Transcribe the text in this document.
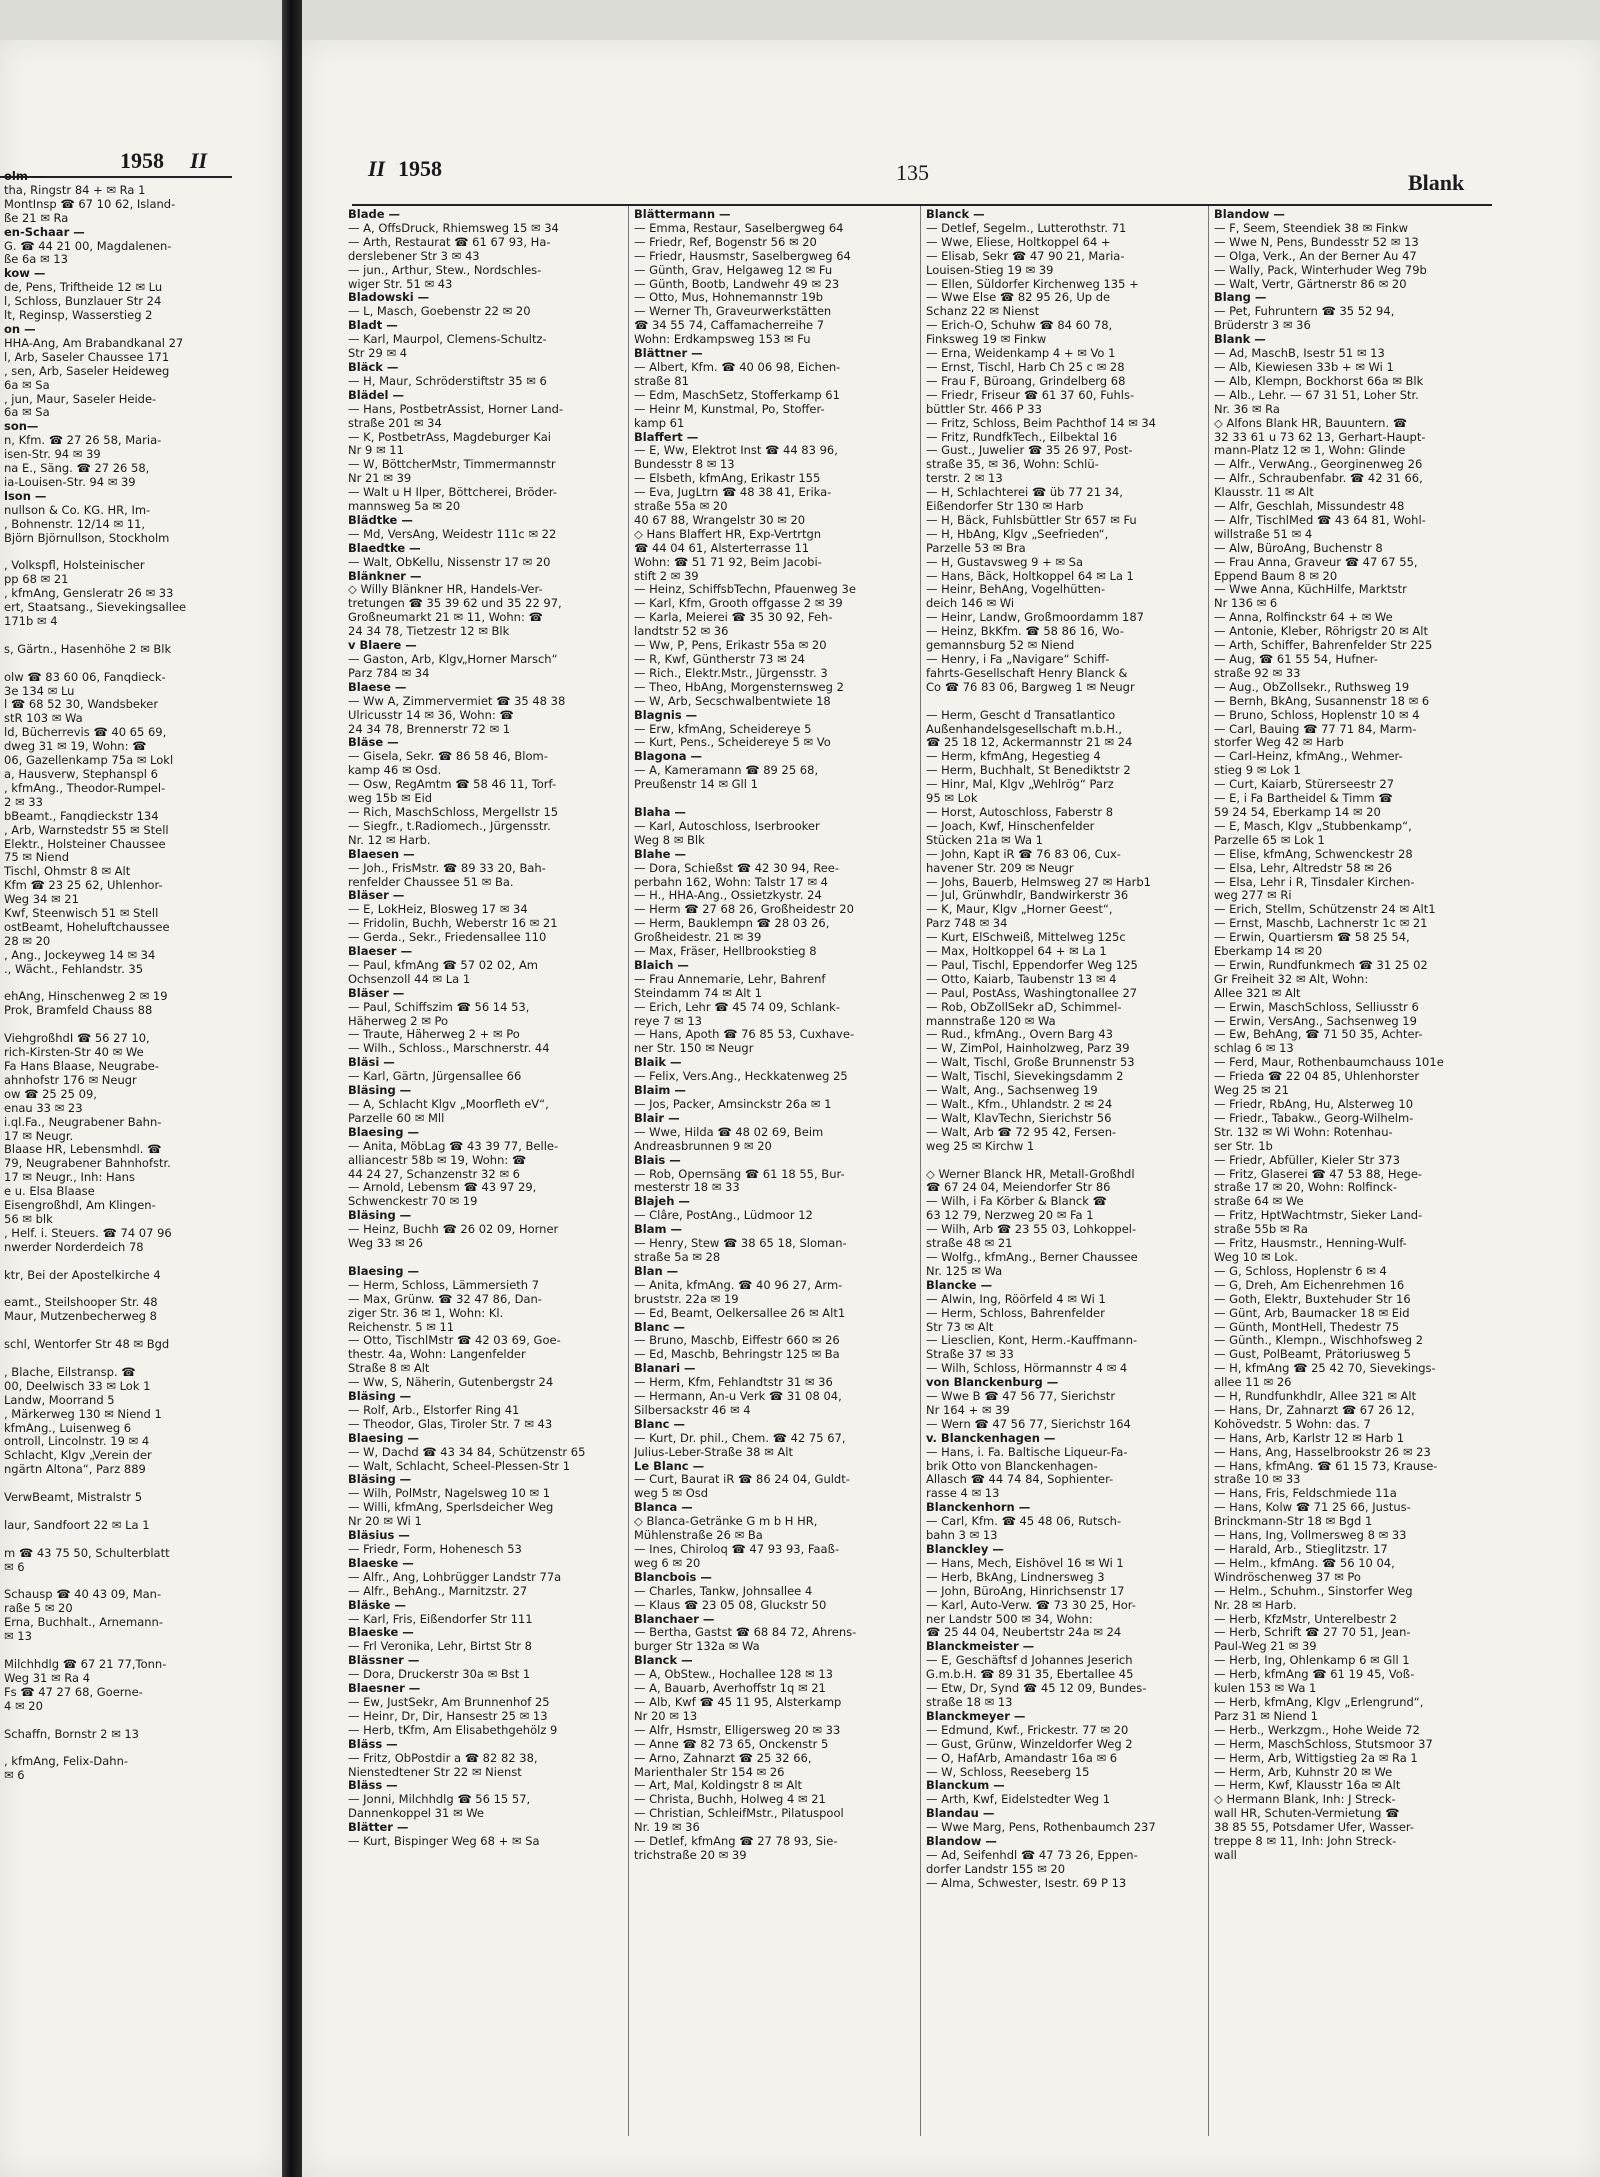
1958 II	II 1958	135	Blank
olm —
tha, Ringstr 84 + ✉ Ra 1
MontInsp ☎ 67 10 62, Island-
ße 21 ✉ Ra
en-Schaar —
G. ☎ 44 21 00, Magdalenen-
ße 6a ✉ 13
kow —
de, Pens, Triftheide 12 ✉ Lu
l, Schloss, Bunzlauer Str 24
lt, Reginsp, Wasserstieg 2
on —
HHA-Ang, Am Brabandkanal 27
l, Arb, Saseler Chaussee 171
, sen, Arb, Saseler Heideweg
6a ✉ Sa
, jun, Maur, Saseler Heide-
6a ✉ Sa
son—
n, Kfm. ☎ 27 26 58, Maria-
isen-Str. 94 ✉ 39
na E., Säng. ☎ 27 26 58,
ia-Louisen-Str. 94 ✉ 39
lson —
nullson & Co. KG. HR, Im-
, Bohnenstr. 12/14 ✉ 11,
Björn Björnullson, Stockholm

, Volkspfl, Holsteinischer
pp 68 ✉ 21
, kfmAng, Gensleratr 26 ✉ 33
ert, Staatsang., Sievekingsallee
171b ✉ 4

s, Gärtn., Hasenhöhe 2 ✉ Blk

olw ☎ 83 60 06, Fanqdieck-
3e 134 ✉ Lu
l ☎ 68 52 30, Wandsbeker
stR 103 ✉ Wa
ld, Bücherrevis ☎ 40 65 69,
dweg 31 ✉ 19, Wohn: ☎
06, Gazellenkamp 75a ✉ Lokl
a, Hausverw, Stephanspl 6
, kfmAng., Theodor-Rumpel-
2 ✉ 33
bBeamt., Fanqdieckstr 134
, Arb, Warnstedstr 55 ✉ Stell
Elektr., Holsteiner Chaussee
75 ✉ Niend
Tischl, Ohmstr 8 ✉ Alt
Kfm ☎ 23 25 62, Uhlenhor-
Weg 34 ✉ 21
Kwf, Steenwisch 51 ✉ Stell
ostBeamt, Hoheluftchaussee
28 ✉ 20
, Ang., Jockeyweg 14 ✉ 34
., Wächt., Fehlandstr. 35

ehAng, Hinschenweg 2 ✉ 19
Prok, Bramfeld Chauss 88

ViehgroßhdI ☎ 56 27 10,
rich-Kirsten-Str 40 ✉ We
Fa Hans Blaase, Neugrabe-
ahnhofstr 176 ✉ Neugr
ow ☎ 25 25 09,
enau 33 ✉ 23
i.ql.Fa., Neugrabener Bahn-
17 ✉ Neugr.
Blaase HR, Lebensmhdl. ☎
79, Neugrabener Bahnhofstr.
17 ✉ Neugr., Inh: Hans
e u. Elsa Blaase
Eisengroßhdl, Am Klingen-
56 ✉ blk
, Helf. i. Steuers. ☎ 74 07 96
nwerder Norderdeich 78

ktr, Bei der Apostelkirche 4

eamt., Steilshooper Str. 48
Maur, Mutzenbecherweg 8

schl, Wentorfer Str 48 ✉ Bgd

, Blache, Eilstransp. ☎
00, Deelwisch 33 ✉ Lok 1
Landw, Moorrand 5
, Märkerweg 130 ✉ Niend 1
kfmAng., Luisenweg 6
ontroll, Lincolnstr. 19 ✉ 4
Schlacht, Klgv „Verein der
ngärtn Altona“, Parz 889

VerwBeamt, Mistralstr 5

laur, Sandfoort 22 ✉ La 1

m ☎ 43 75 50, Schulterblatt
✉ 6

Schausp ☎ 40 43 09, Man-
raße 5 ✉ 20
Erna, Buchhalt., Arnemann-
✉ 13

Milchhdlg ☎ 67 21 77,Tonn-
Weg 31 ✉ Ra 4
Fs ☎ 47 27 68, Goerne-
4 ✉ 20

Schaffn, Bornstr 2 ✉ 13

, kfmAng, Felix-Dahn-
✉ 6
Blade —
— A, OffsDruck, Rhiemsweg 15 ✉ 34
— Arth, Restaurat ☎ 61 67 93, Ha-
derslebener Str 3 ✉ 43
— jun., Arthur, Stew., Nordschles-
wiger Str. 51 ✉ 43
Bladowski —
— L, Masch, Goebenstr 22 ✉ 20
Bladt —
— Karl, Maurpol, Clemens-Schultz-
Str 29 ✉ 4
Bläck —
— H, Maur, Schröderstiftstr 35 ✉ 6
Blädel —
— Hans, PostbetrAssist, Horner Land-
straße 201 ✉ 34
— K, PostbetrAss, Magdeburger Kai
Nr 9 ✉ 11
— W, BöttcherMstr, Timmermannstr
Nr 21 ✉ 39
— Walt u H Ilper, Böttcherei, Bröder-
mannsweg 5a ✉ 20
Blädtke —
— Md, VersAng, Weidestr 111c ✉ 22
Blaedtke —
— Walt, ObKellu, Nissenstr 17 ✉ 20
Blänkner —
◇ Willy Blänkner HR, Handels-Ver-
tretungen ☎ 35 39 62 und 35 22 97,
Großneumarkt 21 ✉ 11, Wohn: ☎
24 34 78, Tietzestr 12 ✉ Blk
v Blaere —
— Gaston, Arb, Klgv„Horner Marsch“
Parz 784 ✉ 34
Blaese —
— Ww A, Zimmervermiet ☎ 35 48 38
Ulricusstr 14 ✉ 36, Wohn: ☎
24 34 78, Brennerstr 72 ✉ 1
Bläse —
— Gisela, Sekr. ☎ 86 58 46, Blom-
kamp 46 ✉ Osd.
— Osw, RegAmtm ☎ 58 46 11, Torf-
weg 15b ✉ Eid
— Rich, MaschSchloss, Mergellstr 15
— Siegfr., t.Radiomech., Jürgensstr.
Nr. 12 ✉ Harb.
Blaesen —
— Joh., FrisMstr. ☎ 89 33 20, Bah-
renfelder Chaussee 51 ✉ Ba.
Bläser —
— E, LokHeiz, Blosweg 17 ✉ 34
— Fridolin, Buchh, Weberstr 16 ✉ 21
— Gerda., Sekr., Friedensallee 110
Blaeser —
— Paul, kfmAng ☎ 57 02 02, Am
Ochsenzoll 44 ✉ La 1
Bläser —
— Paul, Schiffszim ☎ 56 14 53,
Häherweg 2 ✉ Po
— Traute, Häherweg 2 + ✉ Po
— Wilh., Schloss., Marschnerstr. 44
Bläsi —
— Karl, Gärtn, Jürgensallee 66
Bläsing —
— A, Schlacht Klgv „Moorfleth eV“,
Parzelle 60 ✉ Mll
Blaesing —
— Anita, MöbLag ☎ 43 39 77, Belle-
alliancestr 58b ✉ 19, Wohn: ☎
44 24 27, Schanzenstr 32 ✉ 6
— Arnold, Lebensm ☎ 43 97 29,
Schwenckestr 70 ✉ 19
Bläsing —
— Heinz, Buchh ☎ 26 02 09, Horner
Weg 33 ✉ 26

Blaesing —
— Herm, Schloss, Lämmersieth 7
— Max, Grünw. ☎ 32 47 86, Dan-
ziger Str. 36 ✉ 1, Wohn: Kl.
Reichenstr. 5 ✉ 11
— Otto, TischlMstr ☎ 42 03 69, Goe-
thestr. 4a, Wohn: Langenfelder
Straße 8 ✉ Alt
— Ww, S, Näherin, Gutenbergstr 24
Bläsing —
— Rolf, Arb., Elstorfer Ring 41
— Theodor, Glas, Tiroler Str. 7 ✉ 43
Blaesing —
— W, Dachd ☎ 43 34 84, Schützenstr 65
— Walt, Schlacht, Scheel-Plessen-Str 1
Bläsing —
— Wilh, PolMstr, Nagelsweg 10 ✉ 1
— Willi, kfmAng, Sperlsdeicher Weg
Nr 20 ✉ Wi 1
Bläsius —
— Friedr, Form, Hohenesch 53
Blaeske —
— Alfr., Ang, Lohbrügger Landstr 77a
— Alfr., BehAng., Marnitzstr. 27
Bläske —
— Karl, Fris, Eißendorfer Str 111
Blaeske —
— Frl Veronika, Lehr, Birtst Str 8
Blässner —
— Dora, Druckerstr 30a ✉ Bst 1
Blaesner —
— Ew, JustSekr, Am Brunnenhof 25
— Heinr, Dr, Dir, Hansestr 25 ✉ 13
— Herb, tKfm, Am Elisabethgehölz 9
Bläss —
— Fritz, ObPostdir a ☎ 82 82 38,
Nienstedtener Str 22 ✉ Nienst
Bläss —
— Jonni, Milchhdlg ☎ 56 15 57,
Dannenkoppel 31 ✉ We
Blätter —
— Kurt, Bispinger Weg 68 + ✉ Sa
Blättermann —
— Emma, Restaur, Saselbergweg 64
— Friedr, Ref, Bogenstr 56 ✉ 20
— Friedr, Hausmstr, Saselbergweg 64
— Günth, Grav, Helgaweg 12 ✉ Fu
— Günth, Bootb, Landwehr 49 ✉ 23
— Otto, Mus, Hohnemannstr 19b
— Werner Th, Graveurwerkstätten
☎ 34 55 74, Caffamacherreihe 7
Wohn: Erdkampsweg 153 ✉ Fu
Blättner —
— Albert, Kfm. ☎ 40 06 98, Eichen-
straße 81
— Edm, MaschSetz, Stofferkamp 61
— Heinr M, Kunstmal, Po, Stoffer-
kamp 61
Blaffert —
— E, Ww, Elektrot Inst ☎ 44 83 96,
Bundesstr 8 ✉ 13
— Elsbeth, kfmAng, Erikastr 155
— Eva, JugLtrn ☎ 48 38 41, Erika-
straße 55a ✉ 20
40 67 88, Wrangelstr 30 ✉ 20
◇ Hans Blaffert HR, Exp-Vertrtgn
☎ 44 04 61, Alsterterrasse 11
Wohn: ☎ 51 71 92, Beim Jacobi-
stift 2 ✉ 39
— Heinz, SchiffsbTechn, Pfauenweg 3e
— Karl, Kfm, Grooth offgasse 2 ✉ 39
— Karla, Meierei ☎ 35 30 92, Feh-
landtstr 52 ✉ 36
— Ww, P, Pens, Erikastr 55a ✉ 20
— R, Kwf, Güntherstr 73 ✉ 24
— Rich., Elektr.Mstr., Jürgensstr. 3
— Theo, HbAng, Morgensternsweg 2
— W, Arb, Secschwalbentwiete 18
Blagnis —
— Erw, kfmAng, Scheidereye 5
— Kurt, Pens., Scheidereye 5 ✉ Vo
Blagona —
— A, Kameramann ☎ 89 25 68,
Preußenstr 14 ✉ Gll 1

Blaha —
— Karl, Autoschloss, Iserbrooker
Weg 8 ✉ Blk
Blahe —
— Dora, Schießst ☎ 42 30 94, Ree-
perbahn 162, Wohn: Talstr 17 ✉ 4
— H., HHA-Ang., Ossietzkystr. 24
— Herm ☎ 27 68 26, Großheidestr 20
— Herm, Bauklempn ☎ 28 03 26,
Großheidestr. 21 ✉ 39
— Max, Fräser, Hellbrookstieg 8
Blaich —
— Frau Annemarie, Lehr, Bahrenf
Steindamm 74 ✉ Alt 1
— Erich, Lehr ☎ 45 74 09, Schlank-
reye 7 ✉ 13
— Hans, Apoth ☎ 76 85 53, Cuxhave-
ner Str. 150 ✉ Neugr
Blaik —
— Felix, Vers.Ang., Heckkatenweg 25
Blaim —
— Jos, Packer, Amsinckstr 26a ✉ 1
Blair —
— Wwe, Hilda ☎ 48 02 69, Beim
Andreasbrunnen 9 ✉ 20
Blais —
— Rob, Opernsäng ☎ 61 18 55, Bur-
mesterstr 18 ✉ 33
Blajeh —
— Clâre, PostAng., Lüdmoor 12
Blam —
— Henry, Stew ☎ 38 65 18, Sloman-
straße 5a ✉ 28
Blan —
— Anita, kfmAng. ☎ 40 96 27, Arm-
bruststr. 22a ✉ 19
— Ed, Beamt, Oelkersallee 26 ✉ Alt1
Blanc —
— Bruno, Maschb, Eiffestr 660 ✉ 26
— Ed, Maschb, Behringstr 125 ✉ Ba
Blanari —
— Herm, Kfm, Fehlandtstr 31 ✉ 36
— Hermann, An-u Verk ☎ 31 08 04,
Silbersackstr 46 ✉ 4
Blanc —
— Kurt, Dr. phil., Chem. ☎ 42 75 67,
Julius-Leber-Straße 38 ✉ Alt
Le Blanc —
— Curt, Baurat iR ☎ 86 24 04, Guldt-
weg 5 ✉ Osd
Blanca —
◇ Blanca-Getränke G m b H HR,
Mühlenstraße 26 ✉ Ba
— Ines, Chiroloq ☎ 47 93 93, Faaß-
weg 6 ✉ 20
Blancbois —
— Charles, Tankw, Johnsallee 4
— Klaus ☎ 23 05 08, Gluckstr 50
Blanchaer —
— Bertha, Gastst ☎ 68 84 72, Ahrens-
burger Str 132a ✉ Wa
Blanck —
— A, ObStew., Hochallee 128 ✉ 13
— A, Bauarb, Averhoffstr 1q ✉ 21
— Alb, Kwf ☎ 45 11 95, Alsterkamp
Nr 20 ✉ 13
— Alfr, Hsmstr, Elligersweg 20 ✉ 33
— Anne ☎ 82 73 65, Onckenstr 5
— Arno, Zahnarzt ☎ 25 32 66,
Marienthaler Str 154 ✉ 26
— Art, Mal, Koldingstr 8 ✉ Alt
— Christa, Buchh, Holweg 4 ✉ 21
— Christian, SchleifMstr., Pilatuspool
Nr. 19 ✉ 36
— Detlef, kfmAng ☎ 27 78 93, Sie-
trichstraße 20 ✉ 39
Blanck —
— Detlef, Segelm., Lutterothstr. 71
— Wwe, Eliese, Holtkoppel 64 +
— Elisab, Sekr ☎ 47 90 21, Maria-
Louisen-Stieg 19 ✉ 39
— Ellen, Süldorfer Kirchenweg 135 +
— Wwe Else ☎ 82 95 26, Up de
Schanz 22 ✉ Nienst
— Erich-O, Schuhw ☎ 84 60 78,
Finksweg 19 ✉ Finkw
— Erna, Weidenkamp 4 + ✉ Vo 1
— Ernst, Tischl, Harb Ch 25 c ✉ 28
— Frau F, Büroang, Grindelberg 68
— Friedr, Friseur ☎ 61 37 60, Fuhls-
büttler Str. 466 P 33
— Fritz, Schloss, Beim Pachthof 14 ✉ 34
— Fritz, RundfkTech., Eilbektal 16
— Gust., Juwelier ☎ 35 26 97, Post-
straße 35, ✉ 36, Wohn: Schlü-
terstr. 2 ✉ 13
— H, Schlachterei ☎ üb 77 21 34,
Eißendorfer Str 130 ✉ Harb
— H, Bäck, Fuhlsbüttler Str 657 ✉ Fu
— H, HbAng, Klgv „Seefrieden“,
Parzelle 53 ✉ Bra
— H, Gustavsweg 9 + ✉ Sa
— Hans, Bäck, Holtkoppel 64 ✉ La 1
— Heinr, BehAng, Vogelhütten-
deich 146 ✉ Wi
— Heinr, Landw, Großmoordamm 187
— Heinz, BkKfm. ☎ 58 86 16, Wo-
gemannsburg 52 ✉ Niend
— Henry, i Fa „Navigare“ Schiff-
fahrts-Gesellschaft Henry Blanck &
Co ☎ 76 83 06, Bargweg 1 ✉ Neugr

— Herm, Gescht d Transatlantico
Außenhandelsgesellschaft m.b.H.,
☎ 25 18 12, Ackermannstr 21 ✉ 24
— Herm, kfmAng, Hegestieg 4
— Herm, Buchhalt, St Benediktstr 2
— Hinr, Mal, Klgv „Wehlrög“ Parz
95 ✉ Lok
— Horst, Autoschloss, Faberstr 8
— Joach, Kwf, Hinschenfelder
Stücken 21a ✉ Wa 1
— John, Kapt iR ☎ 76 83 06, Cux-
havener Str. 209 ✉ Neugr
— Johs, Bauerb, Helmsweg 27 ✉ Harb1
— Jul, Grünwhdlr, Bandwirkerstr 36
— K, Maur, Klgv „Horner Geest“,
Parz 748 ✉ 34
— Kurt, ElSchweiß, Mittelweg 125c
— Max, Holtkoppel 64 + ✉ La 1
— Paul, Tischl, Eppendorfer Weg 125
— Otto, Kaiarb, Taubenstr 13 ✉ 4
— Paul, PostAss, Washingtonallee 27
— Rob, ObZollSekr aD, Schimmel-
mannstraße 120 ✉ Wa
— Rud., kfmAng., Overn Barg 43
— W, ZimPol, Hainholzweg, Parz 39
— Walt, Tischl, Große Brunnenstr 53
— Walt, Tischl, Sievekingsdamm 2
— Walt, Ang., Sachsenweg 19
— Walt., Kfm., Uhlandstr. 2 ✉ 24
— Walt, KlavTechn, Sierichstr 56
— Walt, Arb ☎ 72 95 42, Fersen-
weg 25 ✉ Kirchw 1

◇ Werner Blanck HR, Metall-Großhdl
☎ 67 24 04, Meiendorfer Str 86
— Wilh, i Fa Körber & Blanck ☎
63 12 79, Nerzweg 20 ✉ Fa 1
— Wilh, Arb ☎ 23 55 03, Lohkoppel-
straße 48 ✉ 21
— Wolfg., kfmAng., Berner Chaussee
Nr. 125 ✉ Wa
Blancke —
— Alwin, Ing, Röörfeld 4 ✉ Wi 1
— Herm, Schloss, Bahrenfelder
Str 73 ✉ Alt
— Liesclien, Kont, Herm.-Kauffmann-
Straße 37 ✉ 33
— Wilh, Schloss, Hörmannstr 4 ✉ 4
von Blanckenburg —
— Wwe B ☎ 47 56 77, Sierichstr
Nr 164 + ✉ 39
— Wern ☎ 47 56 77, Sierichstr 164
v. Blanckenhagen —
— Hans, i. Fa. Baltische Liqueur-Fa-
brik Otto von Blanckenhagen-
Allasch ☎ 44 74 84, Sophienter-
rasse 4 ✉ 13
Blanckenhorn —
— Carl, Kfm. ☎ 45 48 06, Rutsch-
bahn 3 ✉ 13
Blanckley —
— Hans, Mech, Eishövel 16 ✉ Wi 1
— Herb, BkAng, Lindnersweg 3
— John, BüroAng, Hinrichsenstr 17
— Karl, Auto-Verw. ☎ 73 30 25, Hor-
ner Landstr 500 ✉ 34, Wohn:
☎ 25 44 04, Neubertstr 24a ✉ 24
Blanckmeister —
— E, Geschäftsf d Johannes Jeserich
G.m.b.H. ☎ 89 31 35, Ebertallee 45
— Etw, Dr, Synd ☎ 45 12 09, Bundes-
straße 18 ✉ 13
Blanckmeyer —
— Edmund, Kwf., Frickestr. 77 ✉ 20
— Gust, Grünw, Winzeldorfer Weg 2
— O, HafArb, Amandastr 16a ✉ 6
— W, Schloss, Reeseberg 15
Blanckum —
— Arth, Kwf, Eidelstedter Weg 1
Blandau —
— Wwe Marg, Pens, Rothenbaumch 237
Blandow —
— Ad, Seifenhdl ☎ 47 73 26, Eppen-
dorfer Landstr 155 ✉ 20
— Alma, Schwester, Isestr. 69 P 13
Blandow —
— F, Seem, Steendiek 38 ✉ Finkw
— Wwe N, Pens, Bundesstr 52 ✉ 13
— Olga, Verk., An der Berner Au 47
— Wally, Pack, Winterhuder Weg 79b
— Walt, Vertr, Gärtnerstr 86 ✉ 20
Blang —
— Pet, Fuhruntern ☎ 35 52 94,
Brüderstr 3 ✉ 36
Blank —
— Ad, MaschB, Isestr 51 ✉ 13
— Alb, Kiewiesen 33b + ✉ Wi 1
— Alb, Klempn, Bockhorst 66a ✉ Blk
— Alb., Lehr. — 67 31 51, Loher Str.
Nr. 36 ✉ Ra
◇ Alfons Blank HR, Bauuntern. ☎
32 33 61 u 73 62 13, Gerhart-Haupt-
mann-Platz 12 ✉ 1, Wohn: Glinde
— Alfr., VerwAng., Georginenweg 26
— Alfr., Schraubenfabr. ☎ 42 31 66,
Klausstr. 11 ✉ Alt
— Alfr, Geschlah, Missundestr 48
— Alfr, TischlMed ☎ 43 64 81, Wohl-
willstraße 51 ✉ 4
— Alw, BüroAng, Buchenstr 8
— Frau Anna, Graveur ☎ 47 67 55,
Eppend Baum 8 ✉ 20
— Wwe Anna, KüchHilfe, Marktstr
Nr 136 ✉ 6
— Anna, Rolfinckstr 64 + ✉ We
— Antonie, Kleber, Röhrigstr 20 ✉ Alt
— Arth, Schiffer, Bahrenfelder Str 225
— Aug, ☎ 61 55 54, Hufner-
straße 92 ✉ 33
— Aug., ObZollsekr., Ruthsweg 19
— Bernh, BkAng, Susannenstr 18 ✉ 6
— Bruno, Schloss, Hoplenstr 10 ✉ 4
— Carl, Bauing ☎ 77 71 84, Marm-
storfer Weg 42 ✉ Harb
— Carl-Heinz, kfmAng., Wehmer-
stieg 9 ✉ Lok 1
— Curt, Kaiarb, Stürerseestr 27
— E, i Fa Bartheidel & Timm ☎
59 24 54, Eberkamp 14 ✉ 20
— E, Masch, Klgv „Stubbenkamp“,
Parzelle 65 ✉ Lok 1
— Elise, kfmAng, Schwenckestr 28
— Elsa, Lehr, Altredstr 58 ✉ 26
— Elsa, Lehr i R, Tinsdaler Kirchen-
weg 277 ✉ Ri
— Erich, Stellm, Schützenstr 24 ✉ Alt1
— Ernst, Maschb, Lachnerstr 1c ✉ 21
— Erwin, Quartiersm ☎ 58 25 54,
Eberkamp 14 ✉ 20
— Erwin, Rundfunkmech ☎ 31 25 02
Gr Freiheit 32 ✉ Alt, Wohn:
Allee 321 ✉ Alt
— Erwin, MaschSchloss, Selliusstr 6
— Erwin, VersAng., Sachsenweg 19
— Ew, BehAng, ☎ 71 50 35, Achter-
schlag 6 ✉ 13
— Ferd, Maur, Rothenbaumchauss 101e
— Frieda ☎ 22 04 85, Uhlenhorster
Weg 25 ✉ 21
— Friedr, RbAng, Hu, Alsterweg 10
— Friedr., Tabakw., Georg-Wilhelm-
Str. 132 ✉ Wi Wohn: Rotenhau-
ser Str. 1b
— Friedr, Abfüller, Kieler Str 373
— Fritz, Glaserei ☎ 47 53 88, Hege-
straße 17 ✉ 20, Wohn: Rolfinck-
straße 64 ✉ We
— Fritz, HptWachtmstr, Sieker Land-
straße 55b ✉ Ra
— Fritz, Hausmstr., Henning-Wulf-
Weg 10 ✉ Lok.
— G, Schloss, Hoplenstr 6 ✉ 4
— G, Dreh, Am Eichenrehmen 16
— Goth, Elektr, Buxtehuder Str 16
— Günt, Arb, Baumacker 18 ✉ Eid
— Günth, MontHell, Thedestr 75
— Günth., Klempn., Wischhofsweg 2
— Gust, PolBeamt, Prätoriusweg 5
— H, kfmAng ☎ 25 42 70, Sievekings-
allee 11 ✉ 26
— H, Rundfunkhdlr, Allee 321 ✉ Alt
— Hans, Dr, Zahnarzt ☎ 67 26 12,
Kohövedstr. 5 Wohn: das. 7
— Hans, Arb, Karlstr 12 ✉ Harb 1
— Hans, Ang, Hasselbrookstr 26 ✉ 23
— Hans, kfmAng. ☎ 61 15 73, Krause-
straße 10 ✉ 33
— Hans, Fris, Feldschmiede 11a
— Hans, Kolw ☎ 71 25 66, Justus-
Brinckmann-Str 18 ✉ Bgd 1
— Hans, Ing, Vollmersweg 8 ✉ 33
— Harald, Arb., Stieglitzstr. 17
— Helm., kfmAng. ☎ 56 10 04,
Windröschenweg 37 ✉ Po
— Helm., Schuhm., Sinstorfer Weg
Nr. 28 ✉ Harb.
— Herb, KfzMstr, Unterelbestr 2
— Herb, Schrift ☎ 27 70 51, Jean-
Paul-Weg 21 ✉ 39
— Herb, Ing, Ohlenkamp 6 ✉ Gll 1
— Herb, kfmAng ☎ 61 19 45, Voß-
kulen 153 ✉ Wa 1
— Herb, kfmAng, Klgv „Erlengrund“,
Parz 31 ✉ Niend 1
— Herb., Werkzgm., Hohe Weide 72
— Herm, MaschSchloss, Stutsmoor 37
— Herm, Arb, Wittigstieg 2a ✉ Ra 1
— Herm, Arb, Kuhnstr 20 ✉ We
— Herm, Kwf, Klausstr 16a ✉ Alt
◇ Hermann Blank, Inh: J Streck-
wall HR, Schuten-Vermietung ☎
38 85 55, Potsdamer Ufer, Wasser-
treppe 8 ✉ 11, Inh: John Streck-
wall
